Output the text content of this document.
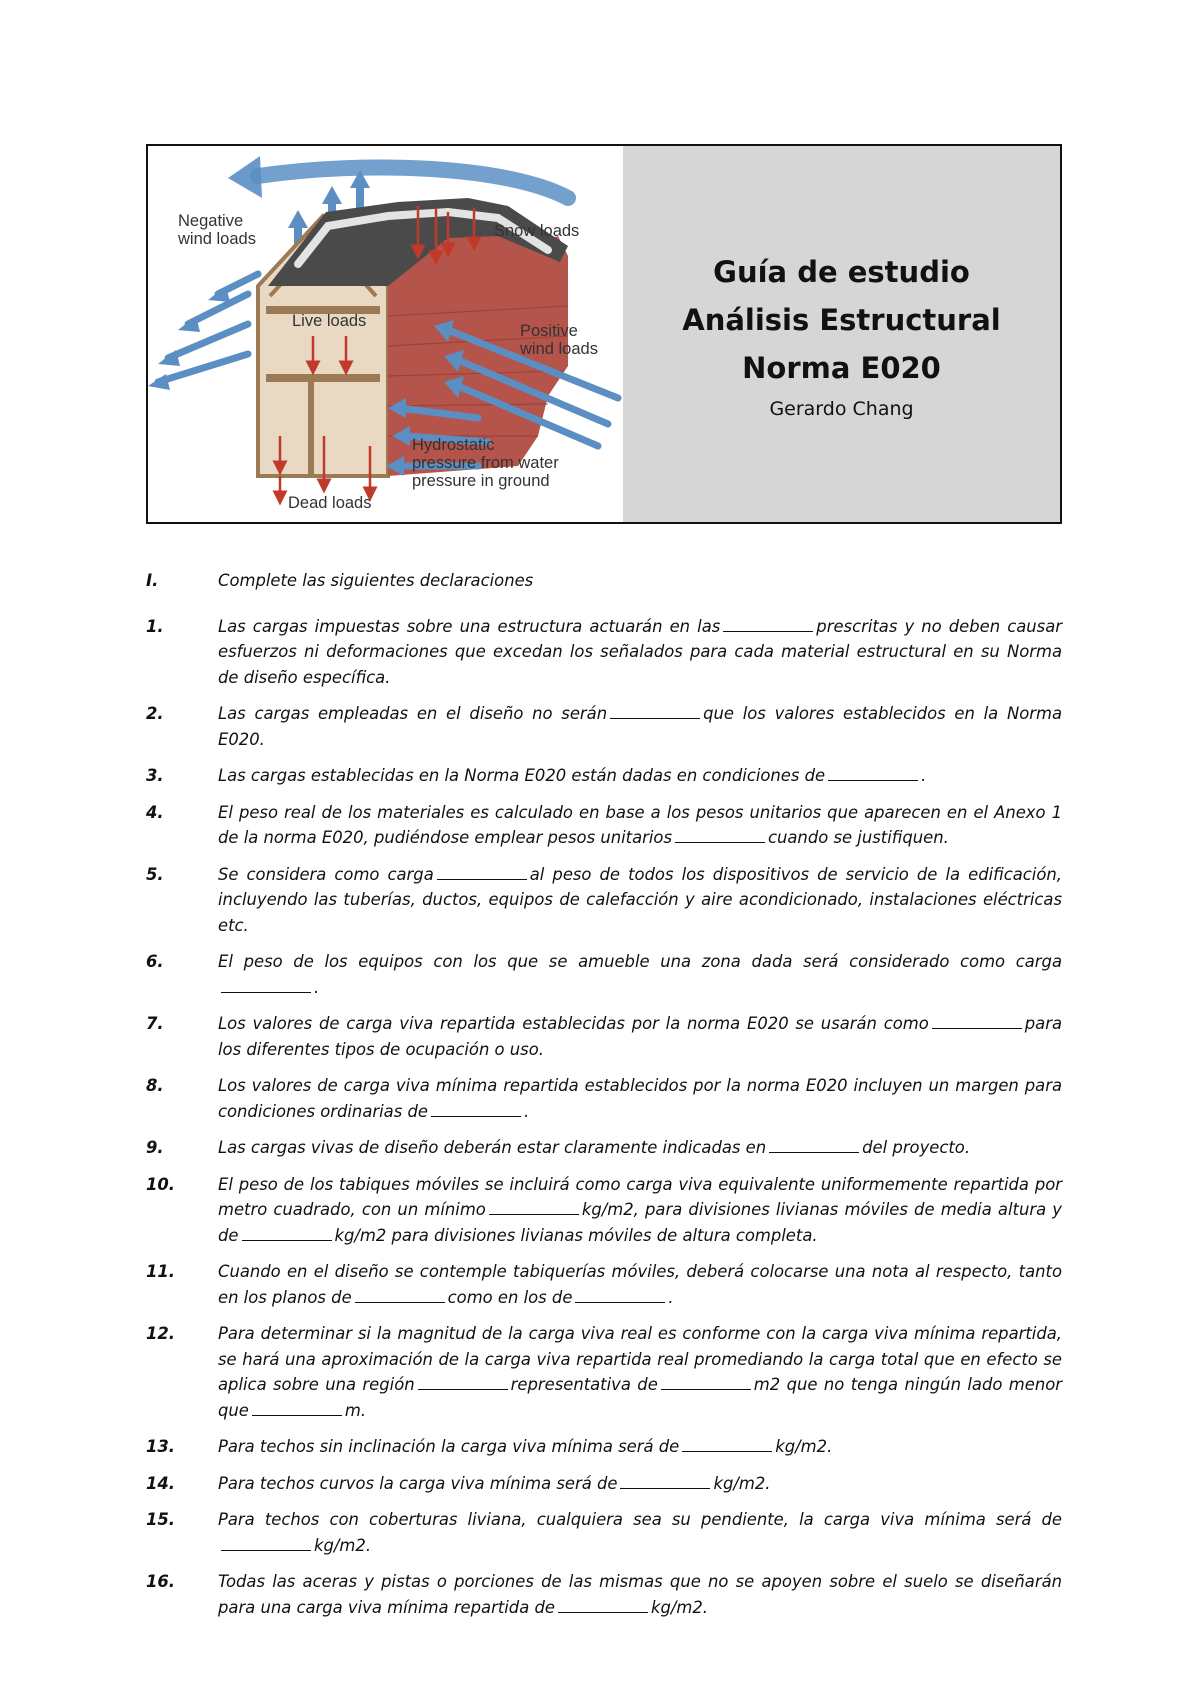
Negative
wind loads	Snow loads
Live loads
Positive
wind loads
Hydrostatic
pressure from water
pressure in ground
Dead loads
Guía de estudio
Análisis Estructural
Norma E020
Gerardo Chang
I.	Complete las siguientes declaraciones
1.	Las cargas impuestas sobre una estructura actuarán en las	prescritas y no deben causar esfuerzos ni deformaciones que excedan los señalados para cada material estructural en su Norma de diseño específica.
2.	Las cargas empleadas en el diseño no serán	que los valores establecidos en la Norma E020.
3.	Las cargas establecidas en la Norma E020 están dadas en condiciones de	.
4.	El peso real de los materiales es calculado en base a los pesos unitarios que aparecen en el Anexo 1 de la norma E020, pudiéndose emplear pesos unitarios	cuando se justifiquen.
5.	Se considera como carga	al peso de todos los dispositivos de servicio de la edificación, incluyendo las tuberías, ductos, equipos de calefacción y aire acondicionado, instalaciones eléctricas etc.
6.	El peso de los equipos con los que se amueble una zona dada será considerado como carga.
7.	Los valores de carga viva repartida establecidas por la norma E020 se usarán como	para los diferentes tipos de ocupación o uso.
8.	Los valores de carga viva mínima repartida establecidos por la norma E020 incluyen un margen para condiciones ordinarias de	.
9.	Las cargas vivas de diseño deberán estar claramente indicadas en	del proyecto.
10.	El peso de los tabiques móviles se incluirá como carga viva equivalente uniformemente repartida por metro cuadrado, con un mínimo	kg/m2, para divisiones livianas móviles de media altura y de	kg/m2 para divisiones livianas móviles de altura completa.
11.	Cuando en el diseño se contemple tabiquerías móviles, deberá colocarse una nota al respecto, tanto en los planos de	como en los de	.
12.	Para determinar si la magnitud de la carga viva real es conforme con la carga viva mínima repartida, se hará una aproximación de la carga viva repartida real promediando la carga total que en efecto se aplica sobre una región	representativa de	m2 que no tenga ningún lado menor que	m.
13.	Para techos sin inclinación la carga viva mínima será de	kg/m2.
14.	Para techos curvos la carga viva mínima será de	kg/m2.
15.	Para techos con coberturas liviana, cualquiera sea su pendiente, la carga viva mínima será dekg/m2.
16.	Todas las aceras y pistas o porciones de las mismas que no se apoyen sobre el suelo se diseñarán para una carga viva mínima repartida de	kg/m2.
